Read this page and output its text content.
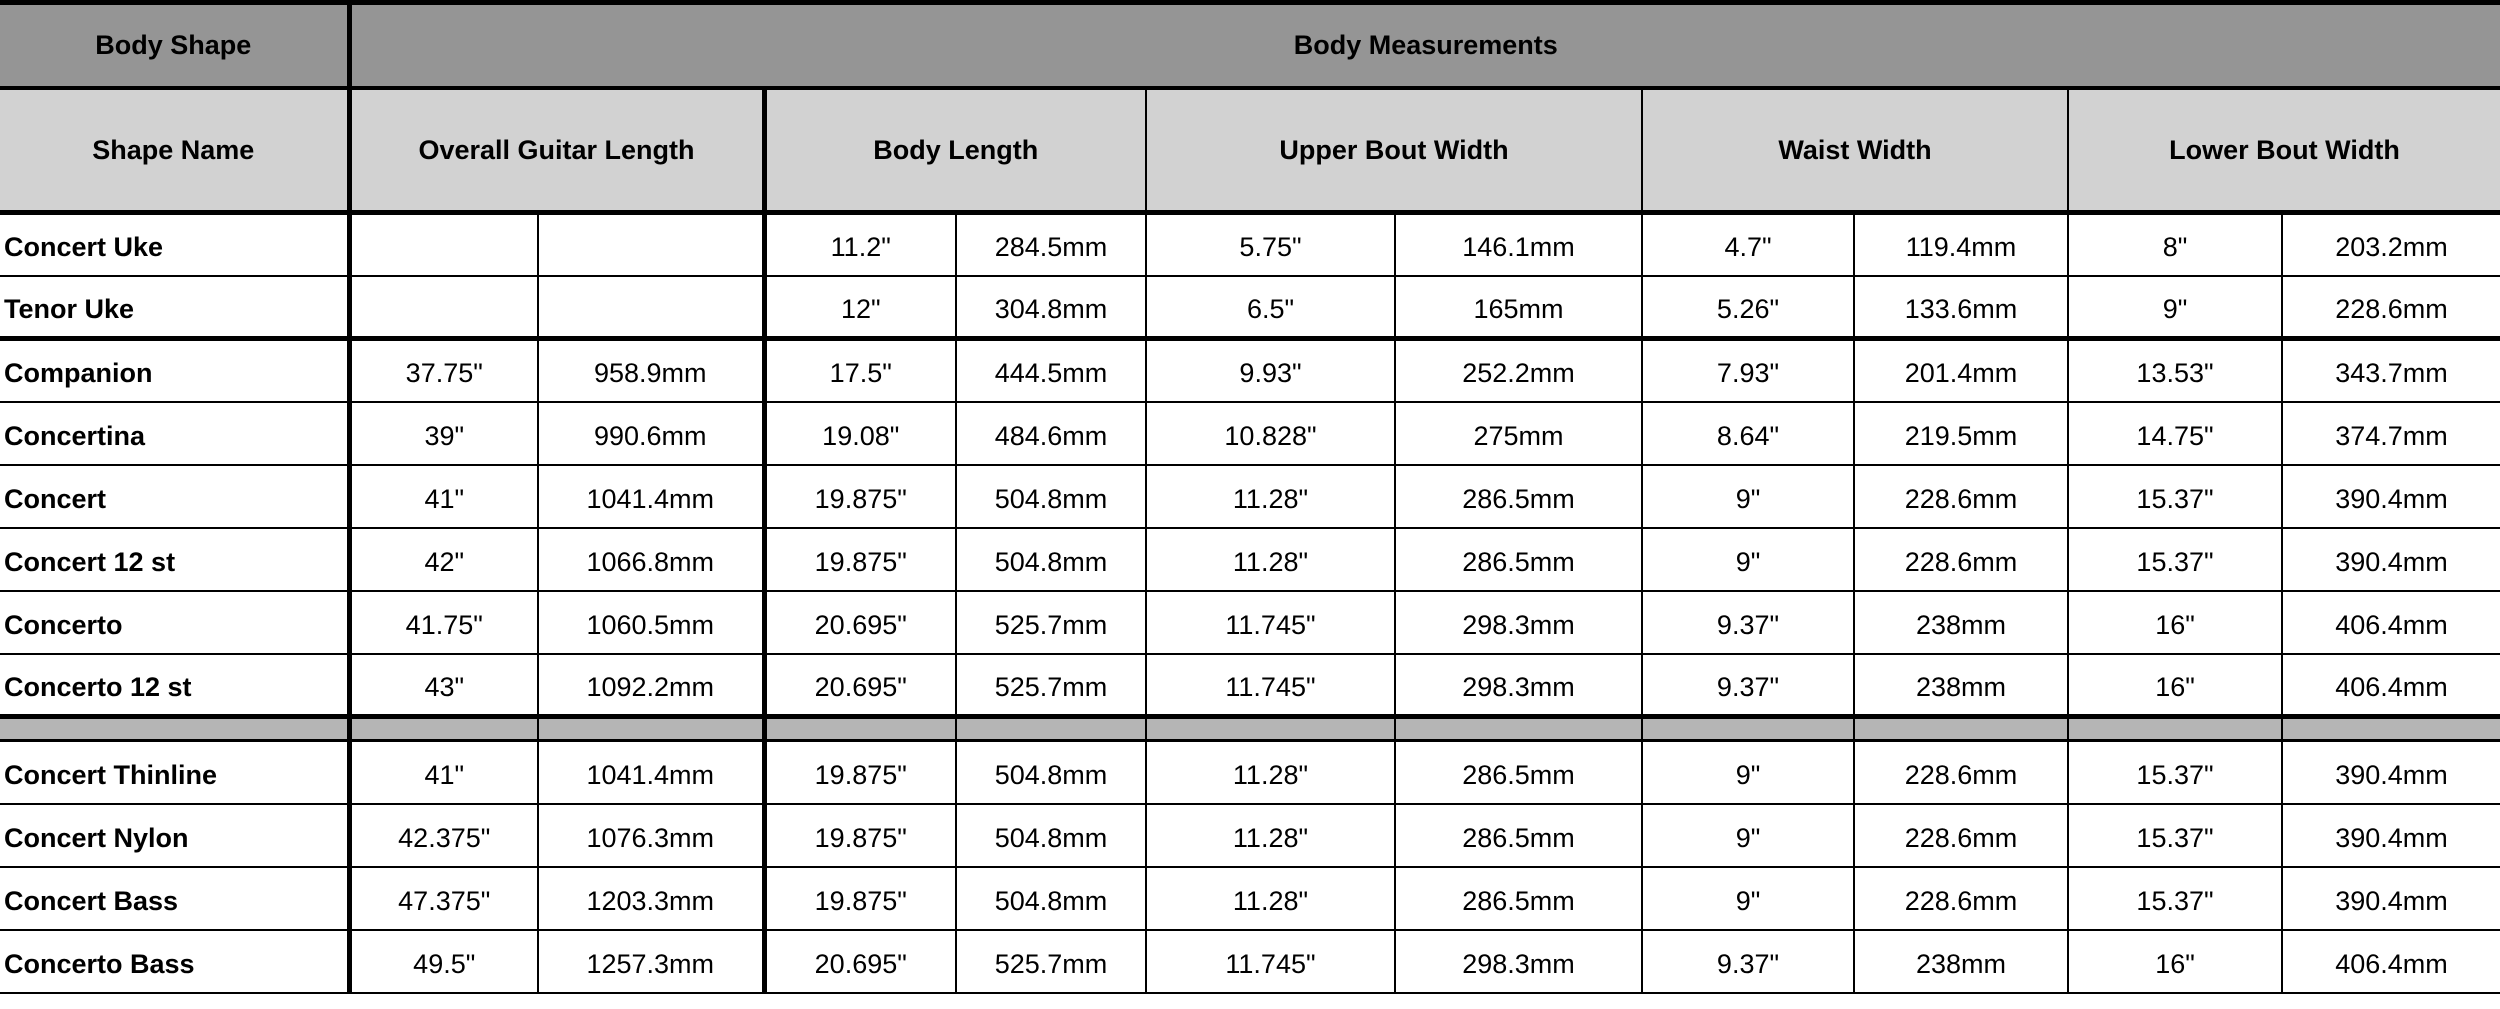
Body Shape	Body Measurements									
Shape Name	Overall Guitar Length		Body Length		Upper Bout Width		Waist Width		Lower Bout Width	
Concert Uke			11.2"	284.5mm	5.75"	146.1mm	4.7"	119.4mm	8"	203.2mm
Tenor Uke			12"	304.8mm	6.5"	165mm	5.26"	133.6mm	9"	228.6mm
Companion	37.75"	958.9mm	17.5"	444.5mm	9.93"	252.2mm	7.93"	201.4mm	13.53"	343.7mm
Concertina	39"	990.6mm	19.08"	484.6mm	10.828"	275mm	8.64"	219.5mm	14.75"	374.7mm
Concert	41"	1041.4mm	19.875"	504.8mm	11.28"	286.5mm	9"	228.6mm	15.37"	390.4mm
Concert 12 st	42"	1066.8mm	19.875"	504.8mm	11.28"	286.5mm	9"	228.6mm	15.37"	390.4mm
Concerto	41.75"	1060.5mm	20.695"	525.7mm	11.745"	298.3mm	9.37"	238mm	16"	406.4mm
Concerto 12 st	43"	1092.2mm	20.695"	525.7mm	11.745"	298.3mm	9.37"	238mm	16"	406.4mm

Concert Thinline	41"	1041.4mm	19.875"	504.8mm	11.28"	286.5mm	9"	228.6mm	15.37"	390.4mm
Concert Nylon	42.375"	1076.3mm	19.875"	504.8mm	11.28"	286.5mm	9"	228.6mm	15.37"	390.4mm
Concert Bass	47.375"	1203.3mm	19.875"	504.8mm	11.28"	286.5mm	9"	228.6mm	15.37"	390.4mm
Concerto Bass	49.5"	1257.3mm	20.695"	525.7mm	11.745"	298.3mm	9.37"	238mm	16"	406.4mm
